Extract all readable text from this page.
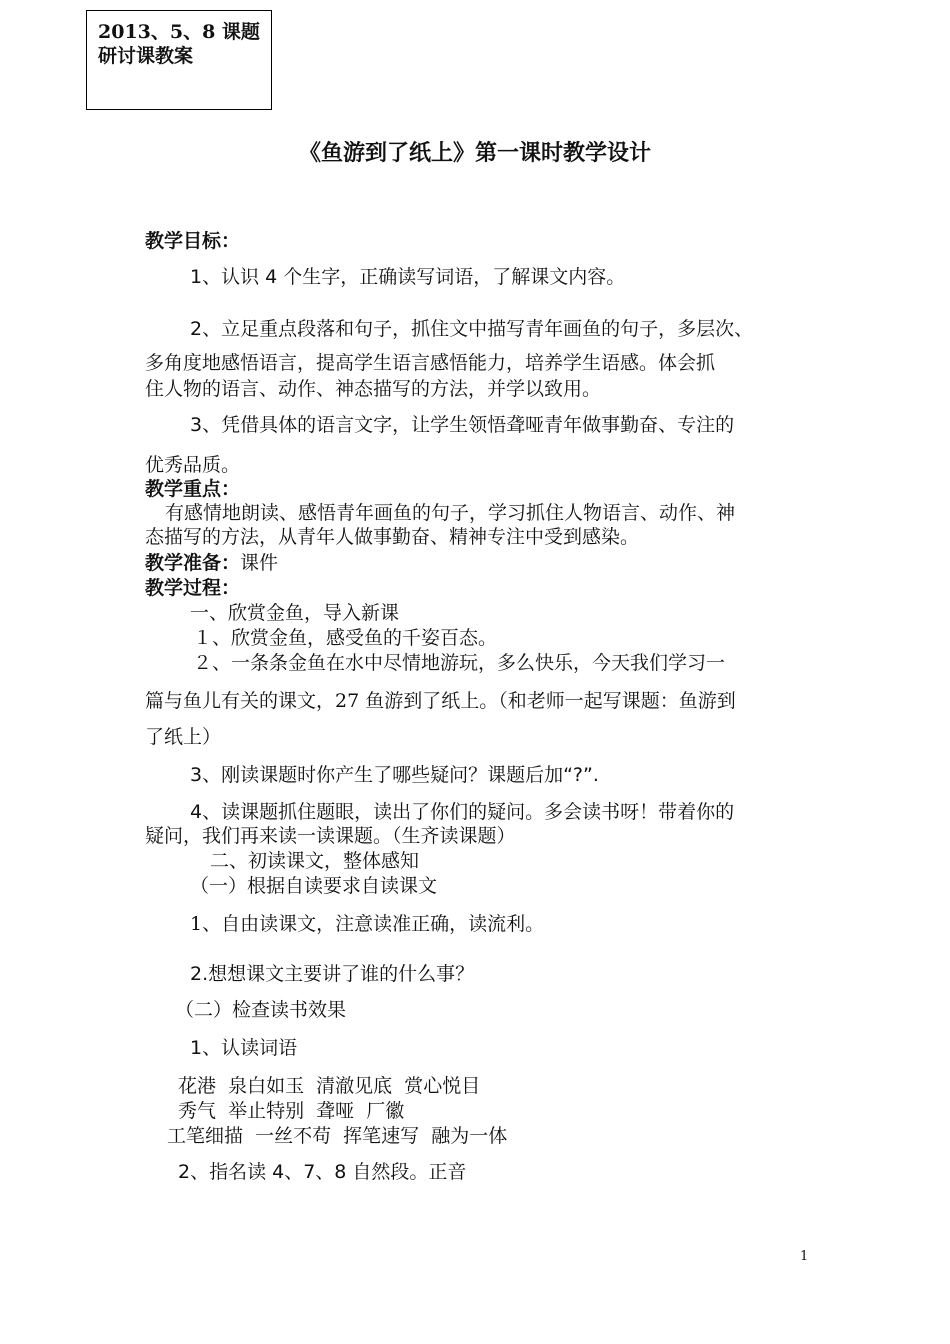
2013、5、8 课题
研讨课教案
《鱼游到了纸上》第一课时教学设计
教学目标：
1、认识 4 个生字，正确读写词语，了解课文内容。
2、立足重点段落和句子，抓住文中描写青年画鱼的句子，多层次、
多角度地感悟语言，提高学生语言感悟能力，培养学生语感。体会抓
住人物的语言、动作、神态描写的方法，并学以致用。
3、凭借具体的语言文字，让学生领悟聋哑青年做事勤奋、专注的
优秀品质。
教学重点：
有感情地朗读、感悟青年画鱼的句子，学习抓住人物语言、动作、神
态描写的方法，从青年人做事勤奋、精神专注中受到感染。
教学准备：课件
教学过程：
一、欣赏金鱼，导入新课
１、欣赏金鱼，感受鱼的千姿百态。
２、一条条金鱼在水中尽情地游玩，多么快乐，今天我们学习一
篇与鱼儿有关的课文，27 鱼游到了纸上。（和老师一起写课题：鱼游到
了纸上）
3、刚读课题时你产生了哪些疑问？课题后加“?”.
4、读课题抓住题眼，读出了你们的疑问。多会读书呀！带着你的
疑问，我们再来读一读课题。（生齐读课题）
二、初读课文，整体感知
（一）根据自读要求自读课文
1、自由读课文，注意读准正确，读流利。
2.想想课文主要讲了谁的什么事？
（二）检查读书效果
1、认读词语
花港  泉白如玉  清澈见底  赏心悦目
秀气  举止特别  聋哑  厂徽
工笔细描  一丝不苟  挥笔速写  融为一体
2、指名读 4、7、8 自然段。正音
1
